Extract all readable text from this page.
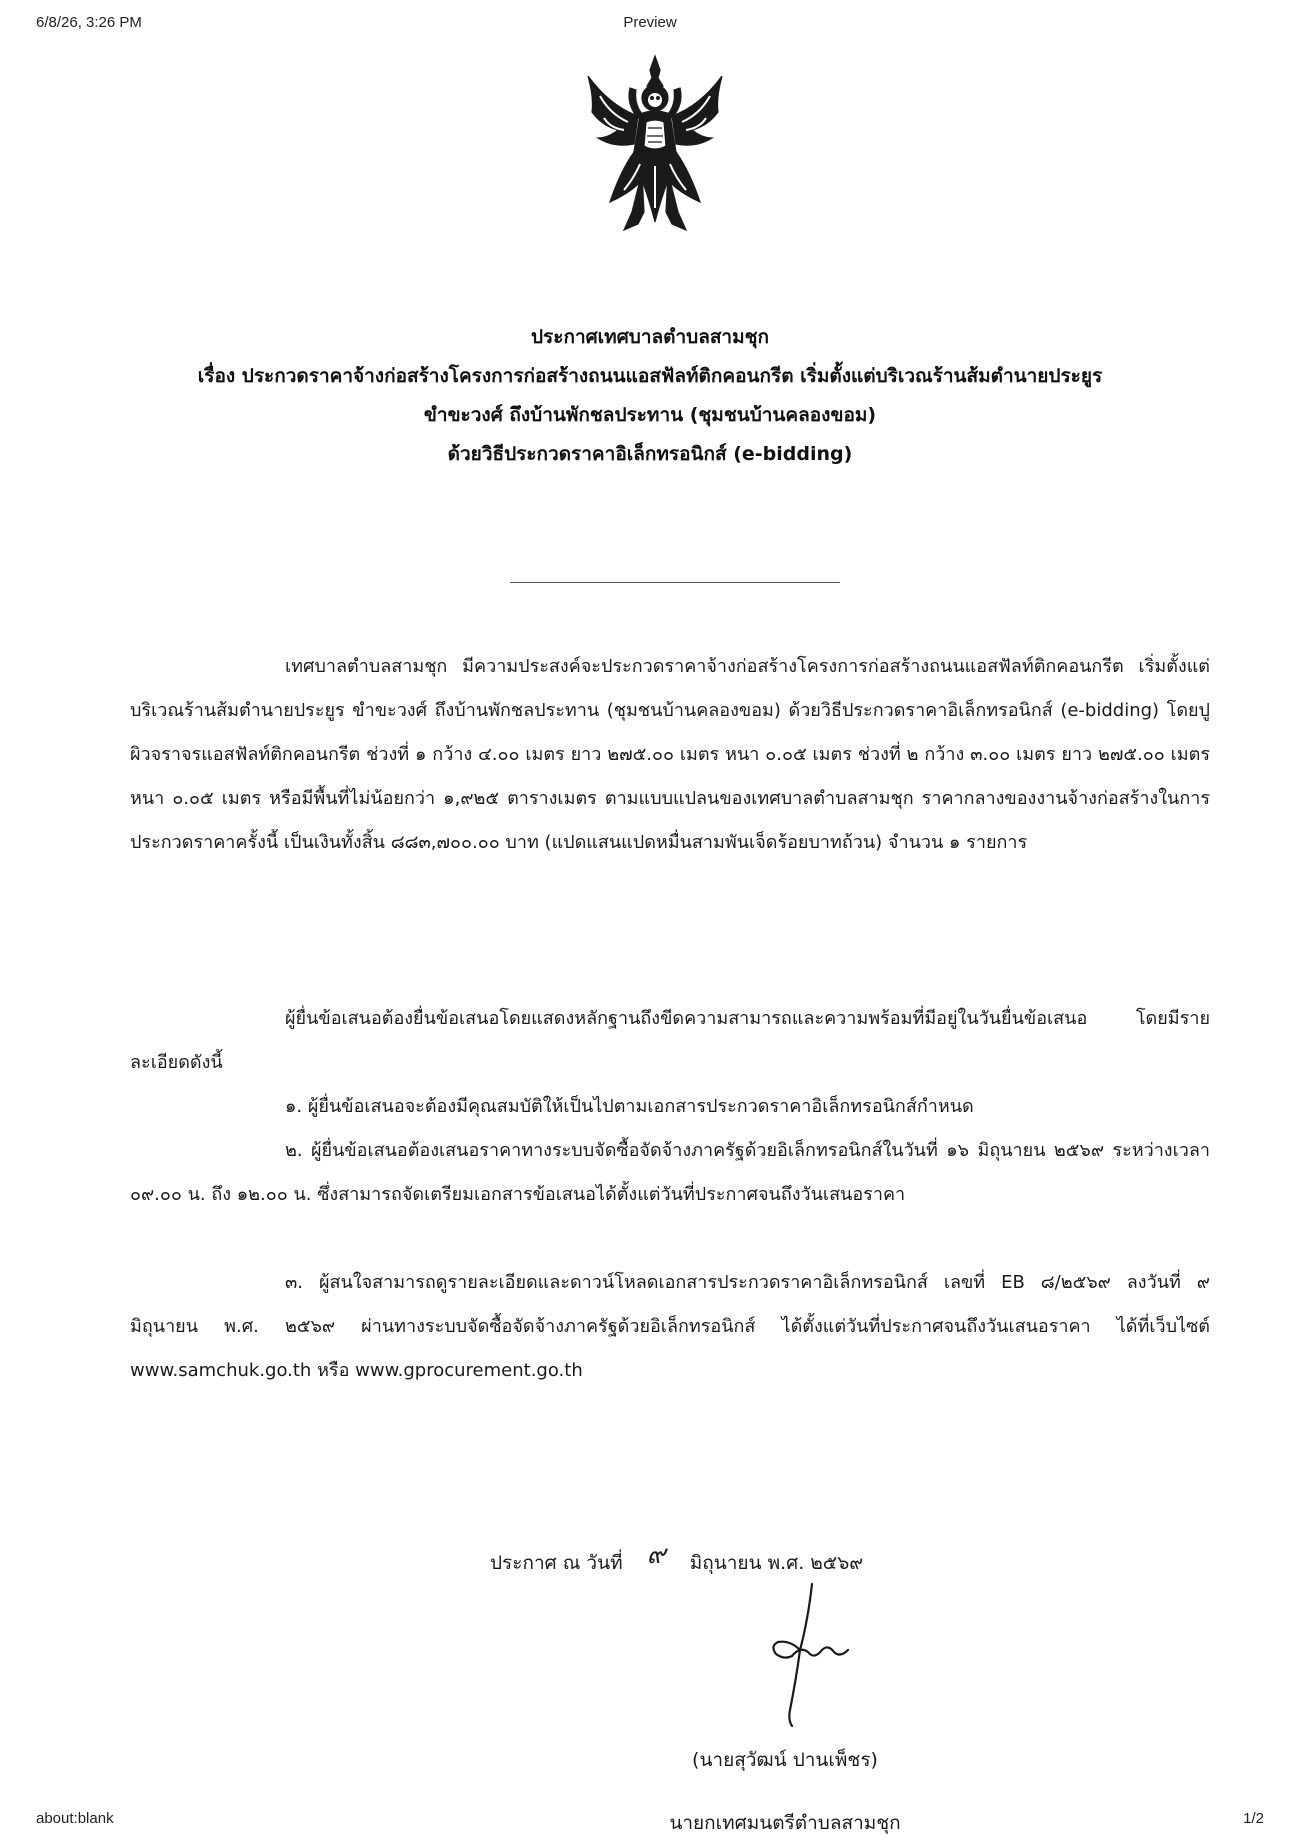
6/8/26, 3:26 PM	Preview
ประกาศเทศบาลตำบลสามชุก
เรื่อง ประกวดราคาจ้างก่อสร้างโครงการก่อสร้างถนนแอสฟัลท์ติกคอนกรีต เริ่มตั้งแต่บริเวณร้านส้มตำนายประยูร
ขำขะวงศ์ ถึงบ้านพักชลประทาน (ชุมชนบ้านคลองขอม)
ด้วยวิธีประกวดราคาอิเล็กทรอนิกส์ (e-bidding)

เทศบาลตำบลสามชุก มีความประสงค์จะประกวดราคาจ้างก่อสร้างโครงการก่อสร้างถนนแอสฟัลท์ติกคอนกรีต เริ่มตั้งแต่บริเวณร้านส้มตำนายประยูร ขำขะวงศ์ ถึงบ้านพักชลประทาน (ชุมชนบ้านคลองขอม) ด้วยวิธีประกวดราคาอิเล็กทรอนิกส์ (e-bidding) โดยปูผิวจราจรแอสฟัลท์ติกคอนกรีต ช่วงที่ ๑ กว้าง ๔.๐๐ เมตร ยาว ๒๗๕.๐๐ เมตร หนา ๐.๐๕ เมตร ช่วงที่ ๒ กว้าง ๓.๐๐ เมตร ยาว ๒๗๕.๐๐ เมตร หนา ๐.๐๕ เมตร หรือมีพื้นที่ไม่น้อยกว่า ๑,๙๒๕ ตารางเมตร ตามแบบแปลนของเทศบาลตำบลสามชุก ราคากลางของงานจ้างก่อสร้างในการประกวดราคาครั้งนี้ เป็นเงินทั้งสิ้น ๘๘๓,๗๐๐.๐๐ บาท (แปดแสนแปดหมื่นสามพันเจ็ดร้อยบาทถ้วน) จำนวน ๑ รายการ

ผู้ยื่นข้อเสนอต้องยื่นข้อเสนอโดยแสดงหลักฐานถึงขีดความสามารถและความพร้อมที่มีอยู่ในวันยื่นข้อเสนอ โดยมีรายละเอียดดังนี้

๑. ผู้ยื่นข้อเสนอจะต้องมีคุณสมบัติให้เป็นไปตามเอกสารประกวดราคาอิเล็กทรอนิกส์กำหนด

๒. ผู้ยื่นข้อเสนอต้องเสนอราคาทางระบบจัดซื้อจัดจ้างภาครัฐด้วยอิเล็กทรอนิกส์ในวันที่ ๑๖ มิถุนายน ๒๕๖๙ ระหว่างเวลา ๐๙.๐๐ น. ถึง ๑๒.๐๐ น. ซึ่งสามารถจัดเตรียมเอกสารข้อเสนอได้ตั้งแต่วันที่ประกาศจนถึงวันเสนอราคา

๓. ผู้สนใจสามารถดูรายละเอียดและดาวน์โหลดเอกสารประกวดราคาอิเล็กทรอนิกส์ เลขที่ EB ๘/๒๕๖๙ ลงวันที่ ๙ มิถุนายน พ.ศ. ๒๕๖๙ ผ่านทางระบบจัดซื้อจัดจ้างภาครัฐด้วยอิเล็กทรอนิกส์ ได้ตั้งแต่วันที่ประกาศจนถึงวันเสนอราคา ได้ที่เว็บไซต์ www.samchuk.go.th หรือ www.gprocurement.go.th

ประกาศ ณ วันที่ ๙ มิถุนายน พ.ศ. ๒๕๖๙
(นายสุวัฒน์ ปานเพ็ชร)
นายกเทศมนตรีตำบลสามชุก
about:blank	1/2
